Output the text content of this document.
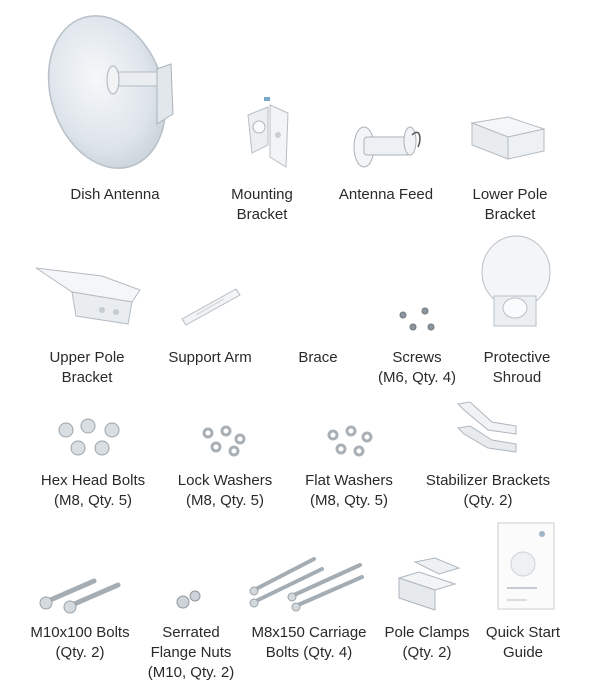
Dish Antenna	Mounting
Bracket
Antenna Feed	Lower Pole
Bracket
Upper Pole
Bracket
Support Arm	Brace	Screws
(M6, Qty. 4)
Protective
Shroud
Hex Head Bolts
(M8, Qty. 5)
Lock Washers
(M8, Qty. 5)
Flat Washers
(M8, Qty. 5)
Stabilizer Brackets
(Qty. 2)
M10x100 Bolts
(Qty. 2)
Serrated
Flange Nuts
(M10, Qty. 2)
M8x150 Carriage
Bolts (Qty. 4)
Pole Clamps
(Qty. 2)
Quick Start
Guide
